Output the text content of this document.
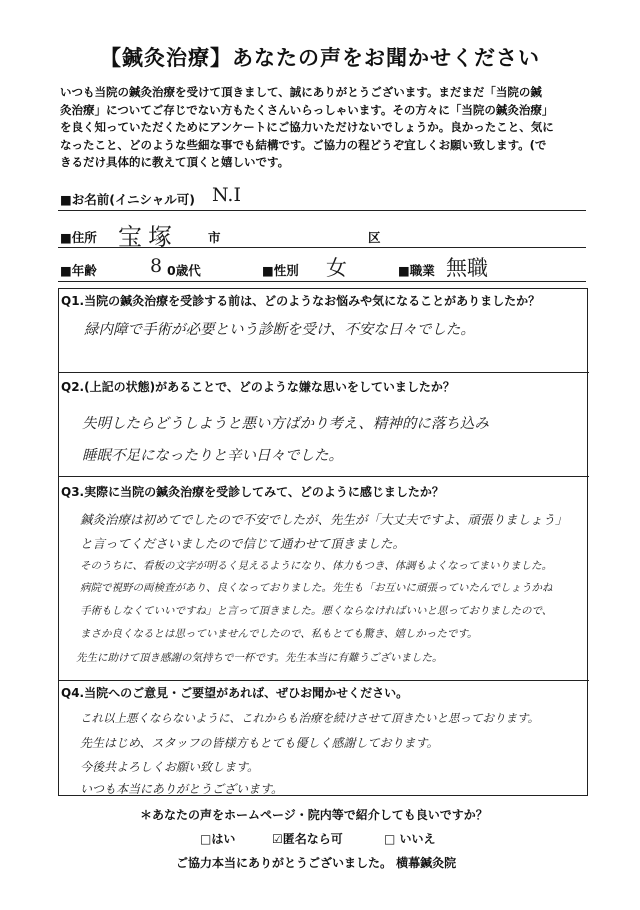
【鍼灸治療】あなたの声をお聞かせください

いつも当院の鍼灸治療を受けて頂きまして、誠にありがとうございます。まだまだ「当院の鍼

灸治療」についてご存じでない方もたくさんいらっしゃいます。その方々に「当院の鍼灸治療」

を良く知っていただくためにアンケートにご協力いただけないでしょうか。良かったこと、気に

なったこと、どのような些細な事でも結構です。ご協力の程どうぞ宜しくお願い致します。(で

きるだけ具体的に教えて頂くと嬉しいです。

■お名前(イニシャル可) N.I
■住所 宝塚 市	区
■年齢	8 0歳代	■性別 女	■職業 無職
Q1.当院の鍼灸治療を受診する前は、どのようなお悩みや気になることがありましたか？
緑内障で手術が必要という診断を受け、不安な日々でした。
Q2.(上記の状態)があることで、どのような嫌な思いをしていましたか？
失明したらどうしようと悪い方ばかり考え、精神的に落ち込み
睡眠不足になったりと辛い日々でした。
Q3.実際に当院の鍼灸治療を受診してみて、どのように感じましたか？
鍼灸治療は初めてでしたので不安でしたが、先生が「大丈夫ですよ、頑張りましょう」
と言ってくださいましたので信じて通わせて頂きました。
そのうちに、看板の文字が明るく見えるようになり、体力もつき、体調もよくなってまいりました。
病院で視野の両検査があり、良くなっておりました。先生も「お互いに頑張っていたんでしょうかね
手術もしなくていいですね」と言って頂きました。悪くならなければいいと思っておりましたので、
まさか良くなるとは思っていませんでしたので、私もとても驚き、嬉しかったです。
先生に助けて頂き感謝の気持ちで一杯です。先生本当に有難うございました。
Q4.当院へのご意見・ご要望があれば、ぜひお聞かせください。
これ以上悪くならないように、これからも治療を続けさせて頂きたいと思っております。
先生はじめ、スタッフの皆様方もとても優しく感謝しております。
今後共よろしくお願い致します。
いつも本当にありがとうございます。
＊あなたの声をホームページ・院内等で紹介しても良いですか？
□はい	☑匿名なら可	□ いいえ
ご協力本当にありがとうございました。 横幕鍼灸院
